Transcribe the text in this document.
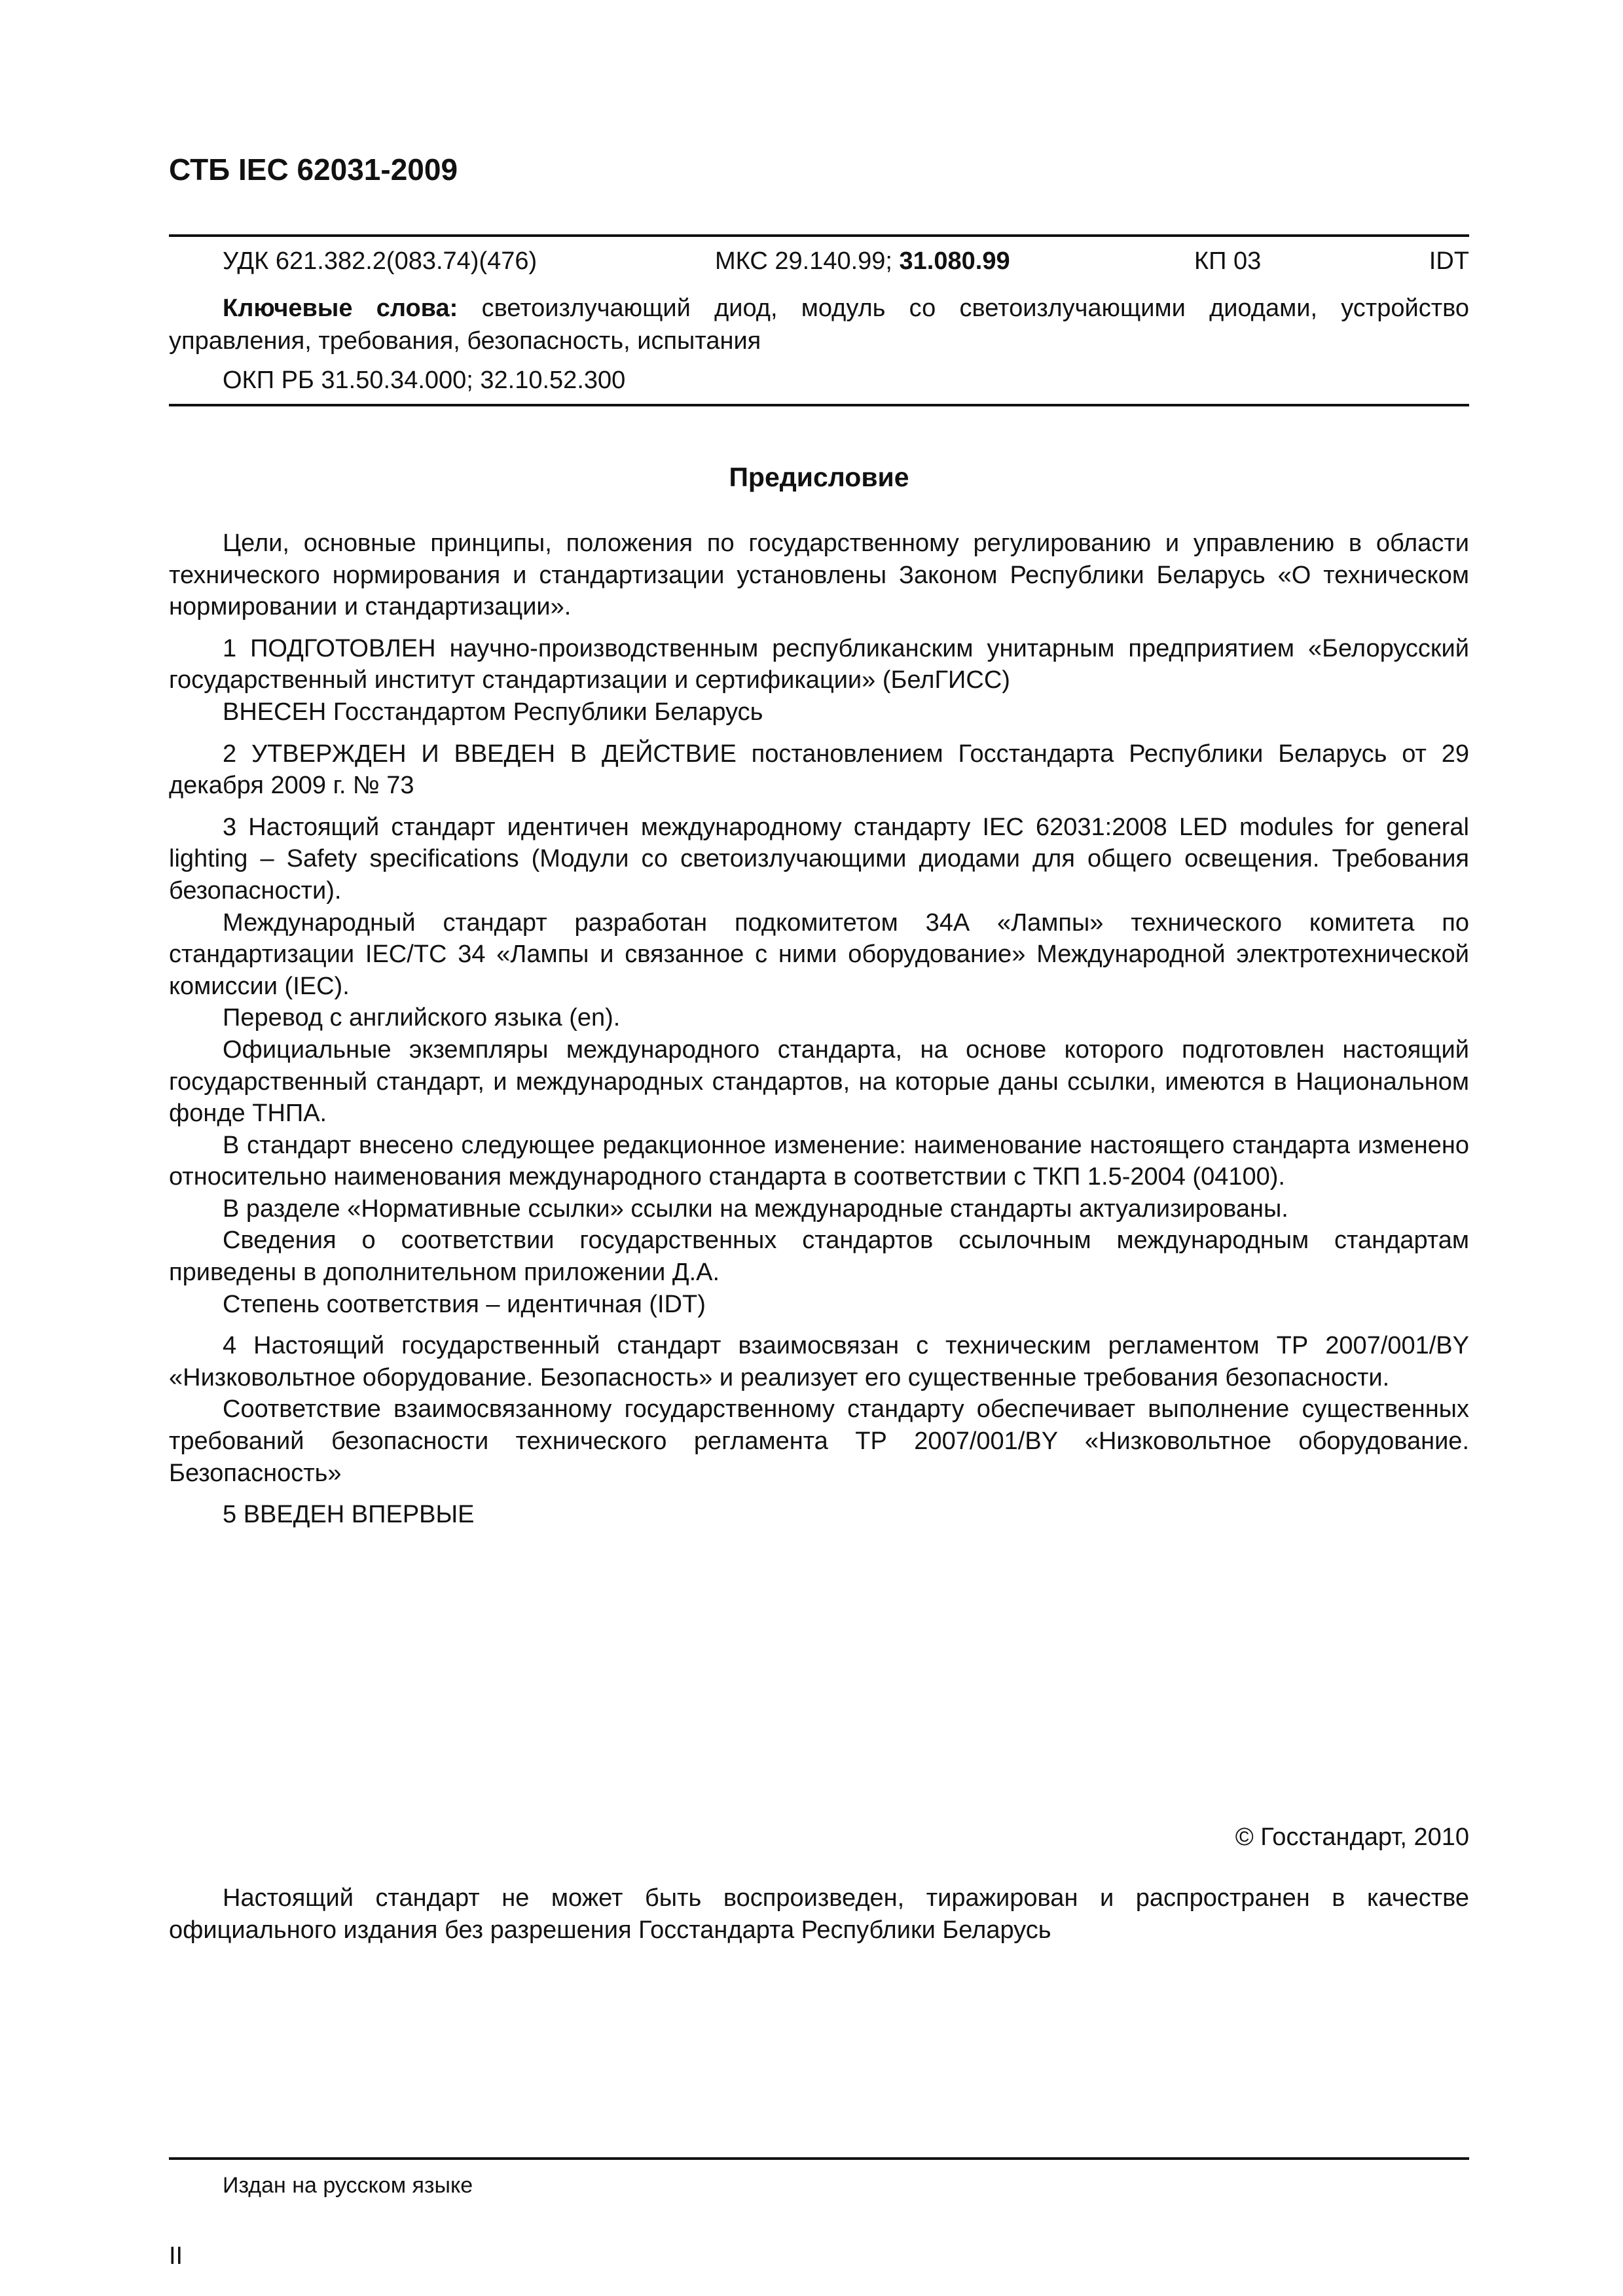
СТБ IEC 62031-2009
УДК 621.382.2(083.74)(476)	МКС 29.140.99; 31.080.99	КП 03	IDT
Ключевые слова: светоизлучающий диод, модуль со светоизлучающими диодами, устройство управления, требования, безопасность, испытания
ОКП РБ 31.50.34.000; 32.10.52.300
Предисловие

Цели, основные принципы, положения по государственному регулированию и управлению в области технического нормирования и стандартизации установлены Законом Республики Беларусь «О техническом нормировании и стандартизации».

1 ПОДГОТОВЛЕН научно-производственным республиканским унитарным предприятием «Белорусский государственный институт стандартизации и сертификации» (БелГИСС)

ВНЕСЕН Госстандартом Республики Беларусь

2 УТВЕРЖДЕН И ВВЕДЕН В ДЕЙСТВИЕ постановлением Госстандарта Республики Беларусь от 29 декабря 2009 г. № 73

3 Настоящий стандарт идентичен международному стандарту IEC 62031:2008 LED modules for general lighting – Safety specifications (Модули со светоизлучающими диодами для общего освещения. Требования безопасности).

Международный стандарт разработан подкомитетом 34А «Лампы» технического комитета по стандартизации IEC/TC 34 «Лампы и связанное с ними оборудование» Международной электротехнической комиссии (IEC).

Перевод с английского языка (en).

Официальные экземпляры международного стандарта, на основе которого подготовлен настоящий государственный стандарт, и международных стандартов, на которые даны ссылки, имеются в Национальном фонде ТНПА.

В стандарт внесено следующее редакционное изменение: наименование настоящего стандарта изменено относительно наименования международного стандарта в соответствии с ТКП 1.5-2004 (04100).

В разделе «Нормативные ссылки» ссылки на международные стандарты актуализированы.

Сведения о соответствии государственных стандартов ссылочным международным стандартам приведены в дополнительном приложении Д.А.

Степень соответствия – идентичная (IDT)

4 Настоящий государственный стандарт взаимосвязан с техническим регламентом ТР 2007/001/BY «Низковольтное оборудование. Безопасность» и реализует его существенные требования безопасности.

Соответствие взаимосвязанному государственному стандарту обеспечивает выполнение существенных требований безопасности технического регламента ТР 2007/001/BY «Низковольтное оборудование. Безопасность»

5 ВВЕДЕН ВПЕРВЫЕ

© Госстандарт, 2010

Настоящий стандарт не может быть воспроизведен, тиражирован и распространен в качестве официального издания без разрешения Госстандарта Республики Беларусь

Издан на русском языке
II
